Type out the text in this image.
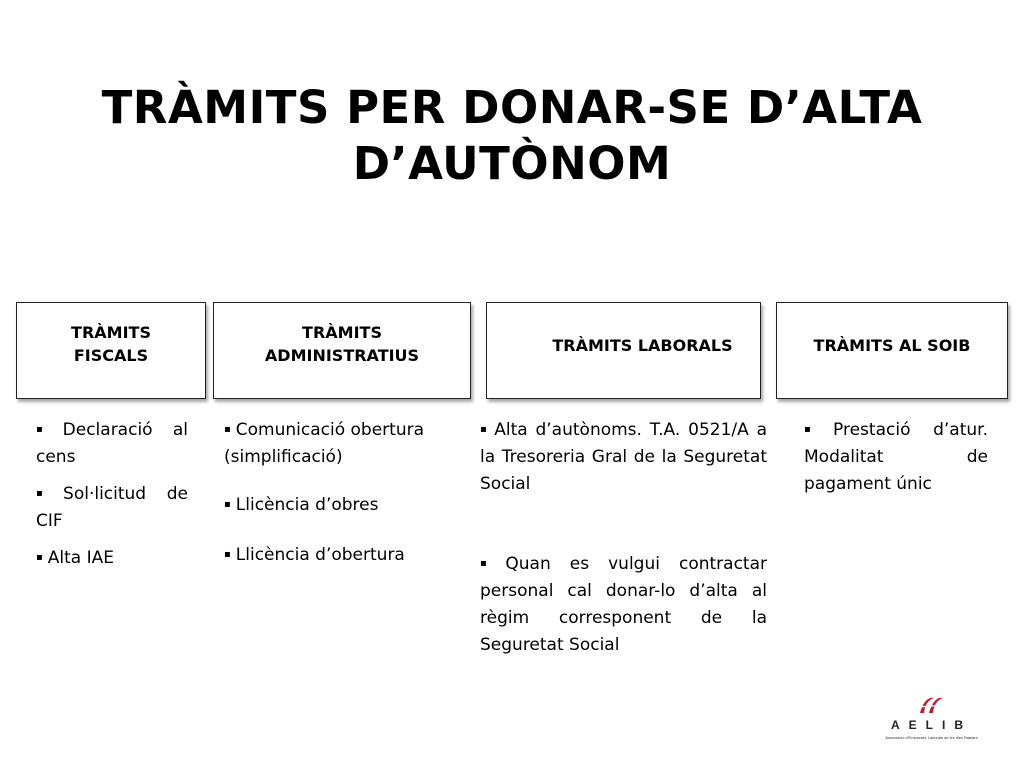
TRÀMITS PER DONAR-SE D’ALTA
D’AUTÒNOM
TRÀMITS
FISCALS
TRÀMITS
ADMINISTRATIUS
TRÀMITS LABORALS	TRÀMITS AL SOIB
▪ Declaració al cens
▪ Sol·licitud de CIF
▪ Alta IAE
▪ Comunicació obertura (simplificació)
▪ Llicència d’obres
▪ Llicència d’obertura
▪ Alta d’autònoms. T.A. 0521/A a la Tresoreria Gral de la Seguretat Social
▪ Quan es vulgui contractar personal cal donar-lo d’alta al règim corresponent de la Seguretat Social
▪ Prestació d’atur. Modalitat de pagament únic
AELIB
Associació d'Empreses Laborals de les Illes Balears
